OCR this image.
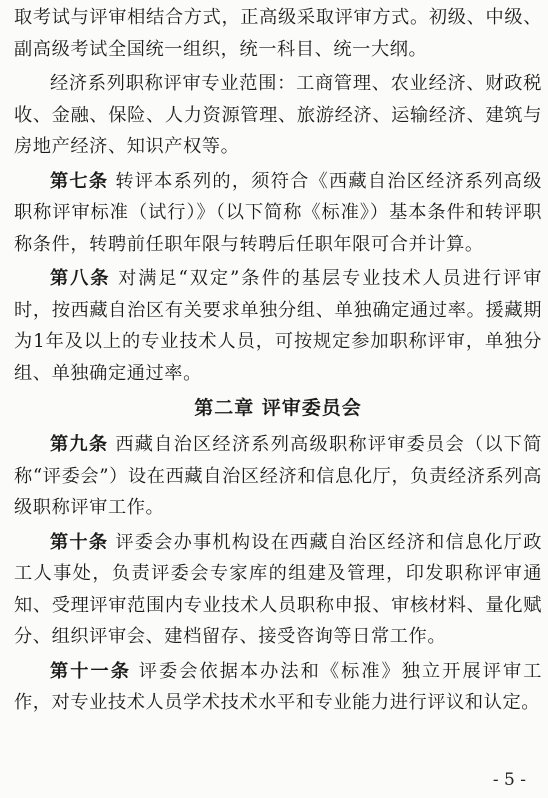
取考试与评审相结合方式，正高级采取评审方式。初级、中级、副高级考试全国统一组织，统一科目、统一大纲。

经济系列职称评审专业范围：工商管理、农业经济、财政税收、金融、保险、人力资源管理、旅游经济、运输经济、建筑与房地产经济、知识产权等。

第七条 转评本系列的，须符合《西藏自治区经济系列高级职称评审标准（试行）》（以下简称《标准》）基本条件和转评职称条件，转聘前任职年限与转聘后任职年限可合并计算。

第八条 对满足“双定”条件的基层专业技术人员进行评审时，按西藏自治区有关要求单独分组、单独确定通过率。援藏期为1年及以上的专业技术人员，可按规定参加职称评审，单独分组、单独确定通过率。

第二章 评审委员会

第九条 西藏自治区经济系列高级职称评审委员会（以下简称“评委会”）设在西藏自治区经济和信息化厅，负责经济系列高级职称评审工作。

第十条 评委会办事机构设在西藏自治区经济和信息化厅政工人事处，负责评委会专家库的组建及管理，印发职称评审通知、受理评审范围内专业技术人员职称申报、审核材料、量化赋分、组织评审会、建档留存、接受咨询等日常工作。

第十一条 评委会依据本办法和《标准》独立开展评审工作，对专业技术人员学术技术水平和专业能力进行评议和认定。

- 5 -
